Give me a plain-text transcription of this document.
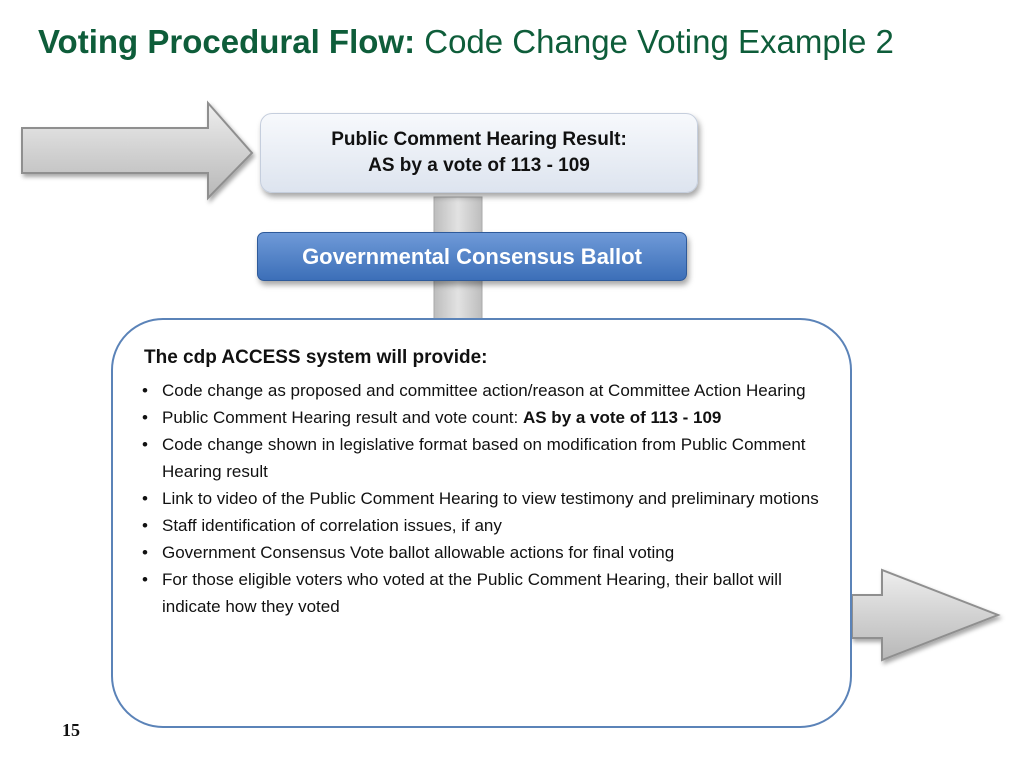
Voting Procedural Flow: Code Change Voting Example 2
Public Comment Hearing Result:
AS by a vote of 113 - 109
Governmental Consensus Ballot
The cdp ACCESS system will provide:
• Code change as proposed and committee action/reason at Committee Action Hearing
• Public Comment Hearing result and vote count: AS by a vote of 113 - 109
• Code change shown in legislative format based on modification from Public Comment Hearing result
• Link to video of the Public Comment Hearing to view testimony and preliminary motions
• Staff identification of correlation issues, if any
• Government Consensus Vote ballot allowable actions for final voting
• For those eligible voters who voted at the Public Comment Hearing, their ballot will indicate how they voted
15
